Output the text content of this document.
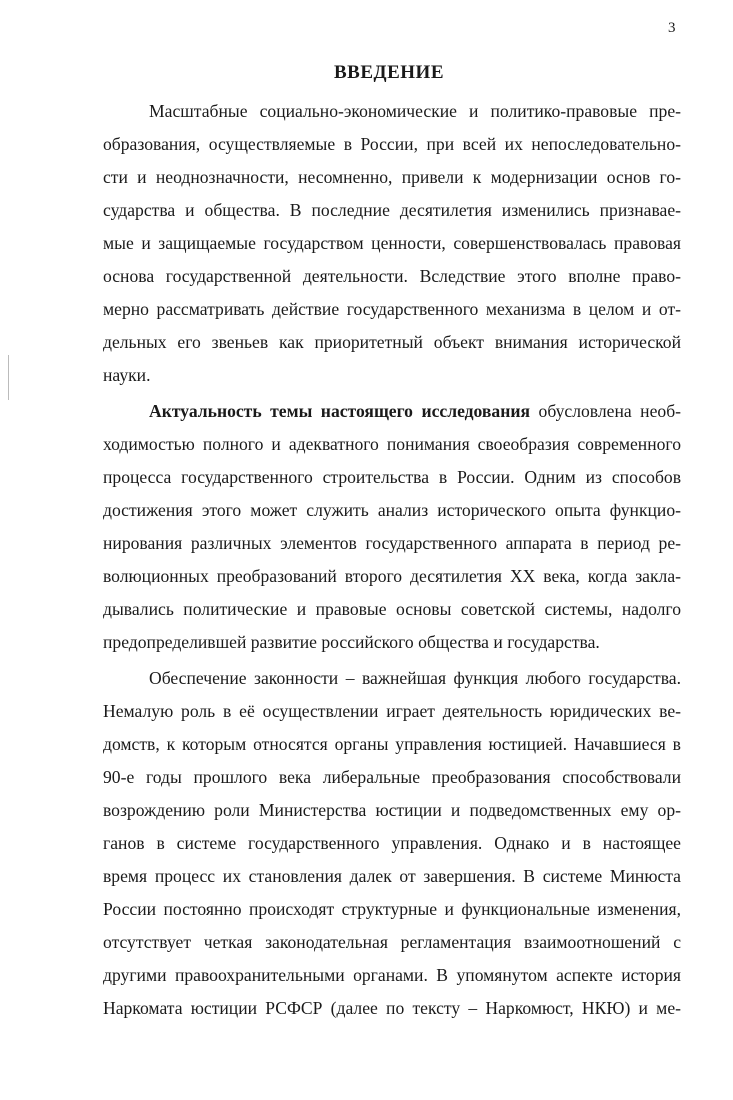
3
ВВЕДЕНИЕ
Масштабные социально-экономические и политико-правовые пре-
образования, осуществляемые в России, при всей их непоследовательно-
сти и неоднозначности, несомненно, привели к модернизации основ го-
сударства и общества. В последние десятилетия изменились признавае-
мые и защищаемые государством ценности, совершенствовалась правовая
основа государственной деятельности. Вследствие этого вполне право-
мерно рассматривать действие государственного механизма в целом и от-
дельных его звеньев как приоритетный объект внимания исторической
науки.
Актуальность темы настоящего исследования обусловлена необ-
ходимостью полного и адекватного понимания своеобразия современного
процесса государственного строительства в России. Одним из способов
достижения этого может служить анализ исторического опыта функцио-
нирования различных элементов государственного аппарата в период ре-
волюционных преобразований второго десятилетия XX века, когда закла-
дывались политические и правовые основы советской системы, надолго
предопределившей развитие российского общества и государства.
Обеспечение законности – важнейшая функция любого государства.
Немалую роль в её осуществлении играет деятельность юридических ве-
домств, к которым относятся органы управления юстицией. Начавшиеся в
90-е годы прошлого века либеральные преобразования способствовали
возрождению роли Министерства юстиции и подведомственных ему ор-
ганов в системе государственного управления. Однако и в настоящее
время процесс их становления далек от завершения. В системе Минюста
России постоянно происходят структурные и функциональные изменения,
отсутствует четкая законодательная регламентация взаимоотношений с
другими правоохранительными органами. В упомянутом аспекте история
Наркомата юстиции РСФСР (далее по тексту – Наркомюст, НКЮ) и ме-
